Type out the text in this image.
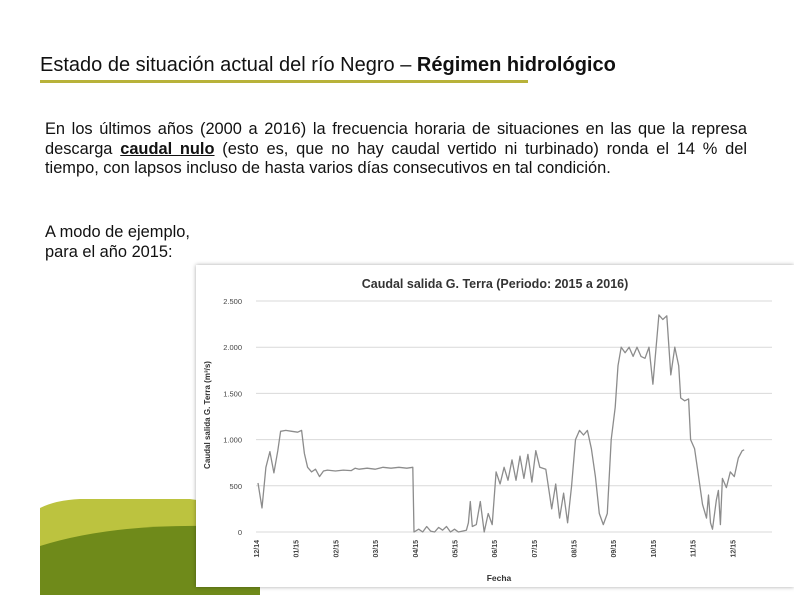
Estado de situación actual del río Negro – Régimen hidrológico
En los últimos años (2000 a 2016) la frecuencia horaria de situaciones en las que la represa descarga caudal nulo (esto es, que no hay caudal vertido ni turbinado) ronda el 14 % del tiempo, con lapsos incluso de hasta varios días consecutivos en tal condición.
A modo de ejemplo,
para el año 2015:
Caudal salida G. Terra (Periodo: 2015 a 2016)
Caudal salida G. Terra (m³/s)
Fecha
0
500
1.000
1.500
2.000
2.500
12/14	01/15	02/15	03/15	04/15	05/15	06/15	07/15	08/15	09/15	10/15	11/15	12/15
